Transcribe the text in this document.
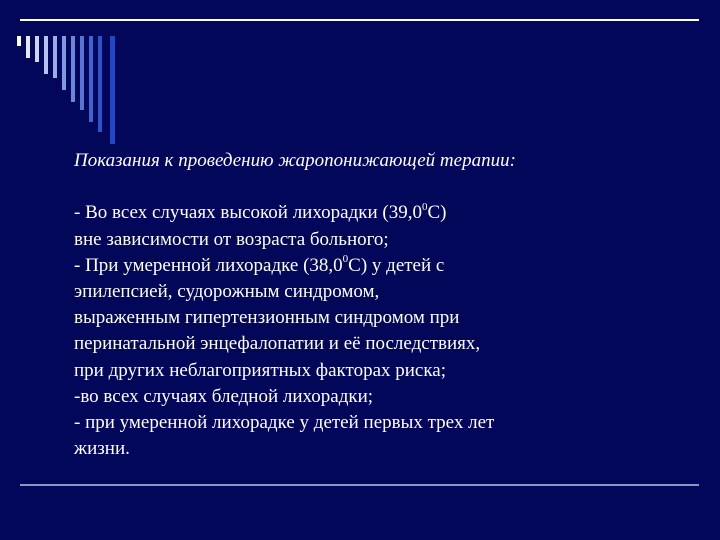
Показания к проведению жаропонижающей терапии:

- Во всех случаях высокой лихорадки (39,0$^0$С)

вне зависимости от возраста больного;

- При умеренной лихорадке (38,0$^0$С) у детей с

эпилепсией, судорожным синдромом,

выраженным гипертензионным синдромом при

перинатальной энцефалопатии и её последствиях,

при других неблагоприятных факторах риска;

-во всех случаях бледной лихорадки;

- при умеренной лихорадке у детей первых трех лет

жизни.
